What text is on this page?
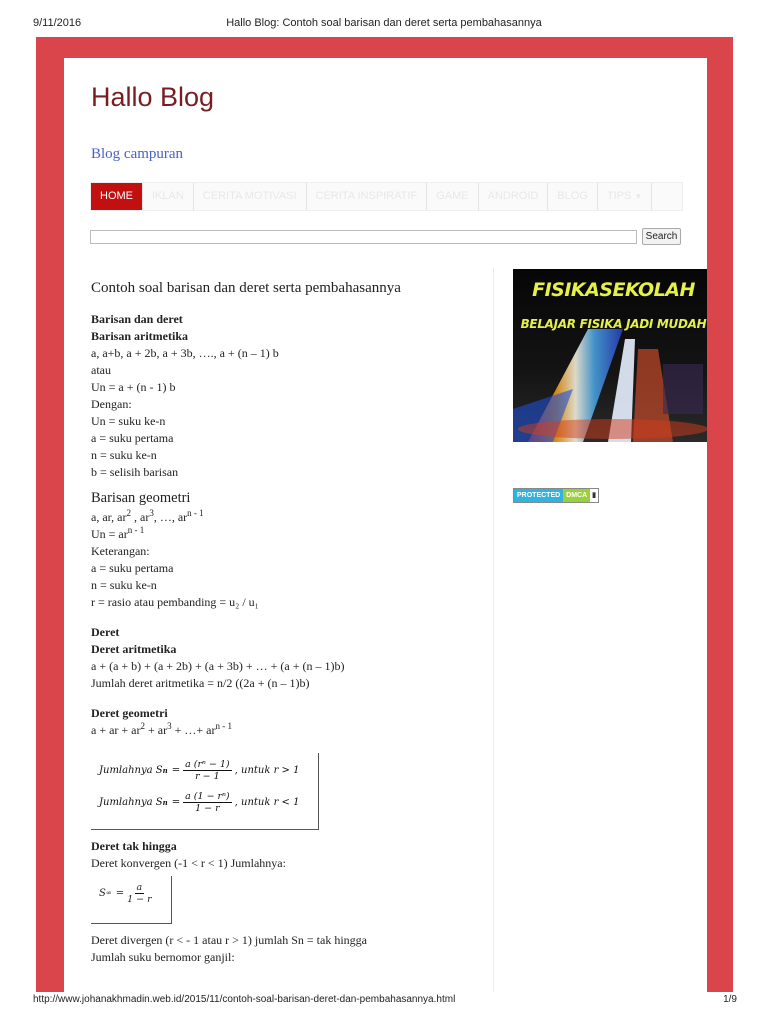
9/11/2016	Hallo Blog: Contoh soal barisan dan deret serta pembahasannya
Hallo Blog
Blog campuran
HOME	IKLAN	CERITA MOTIVASI	CERITA INSPIRATIF	GAME	ANDROID	BLOG	TIPS ▼
Search
Contoh soal barisan dan deret serta pembahasannya
Barisan dan deret
Barisan aritmetika
a, a+b, a + 2b, a + 3b, …., a + (n – 1) b
atau
Un = a + (n - 1) b
Dengan:
Un = suku ke-n
a = suku pertama
n = suku ke-n
b = selisih barisan
Barisan geometri
a, ar, $ar^2$ , $ar^3$, …, $ar^{n - 1}$
$Un = ar^{n - 1}$
Keterangan:
a = suku pertama
n = suku ke-n
r = rasio atau pembanding = u₂ / u₁
Deret
Deret aritmetika
a + (a + b) + (a + 2b) + (a + 3b) + … + (a + (n – 1)b)
Jumlah deret aritmetika = n/2 ((2a + (n – 1)b)
Deret geometri
a + ar + $ar^2 + ar^3$ + …+ $ar^{n - 1}$
Jumlahnya S $n = \frac{\text{a (rⁿ − 1)}}{r - 1}$ , untuk r > 1
Jumlahnya S $n = \frac{\text{a (1 − rⁿ)}}{1 - r}$ , untuk r < 1
Deret tak hingga
Deret konvergen (-1 < r < 1) Jumlahnya:
S ∞ = $\frac{a}{1 - r}$
Deret divergen (r < - 1 atau r > 1) jumlah Sn = tak hingga
Jumlah suku bernomor ganjil:
FISIKASEKOLAH
BELAJAR FISIKA JADI MUDAH
PROTECTED DMCA ▮
http://www.johanakhmadin.web.id/2015/11/contoh-soal-barisan-deret-dan-pembahasannya.html	1/9
